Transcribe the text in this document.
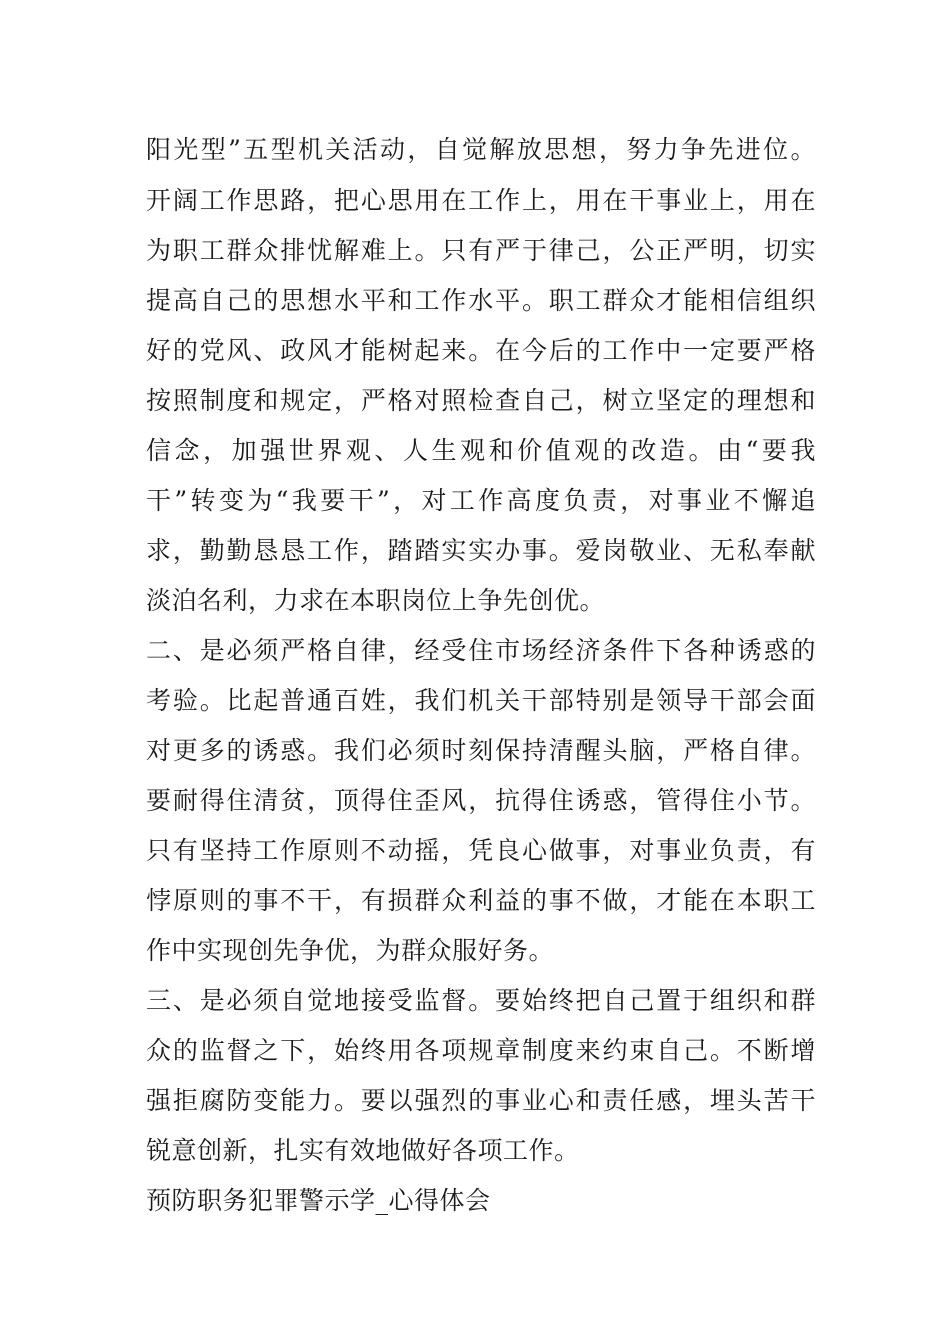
阳光型”五型机关活动，自觉解放思想，努力争先进位。
开阔工作思路，把心思用在工作上，用在干事业上，用在
为职工群众排忧解难上。只有严于律己，公正严明，切实
提高自己的思想水平和工作水平。职工群众才能相信组织
好的党风、政风才能树起来。在今后的工作中一定要严格
按照制度和规定，严格对照检查自己，树立坚定的理想和
信念，加强世界观、人生观和价值观的改造。由“要我
干”转变为“我要干”，对工作高度负责，对事业不懈追
求，勤勤恳恳工作，踏踏实实办事。爱岗敬业、无私奉献
淡泊名利，力求在本职岗位上争先创优。
二、是必须严格自律，经受住市场经济条件下各种诱惑的
考验。比起普通百姓，我们机关干部特别是领导干部会面
对更多的诱惑。我们必须时刻保持清醒头脑，严格自律。
要耐得住清贫，顶得住歪风，抗得住诱惑，管得住小节。
只有坚持工作原则不动摇，凭良心做事，对事业负责，有
悖原则的事不干，有损群众利益的事不做，才能在本职工
作中实现创先争优，为群众服好务。
三、是必须自觉地接受监督。要始终把自己置于组织和群
众的监督之下，始终用各项规章制度来约束自己。不断增
强拒腐防变能力。要以强烈的事业心和责任感，埋头苦干
锐意创新，扎实有效地做好各项工作。
预防职务犯罪警示学_心得体会
